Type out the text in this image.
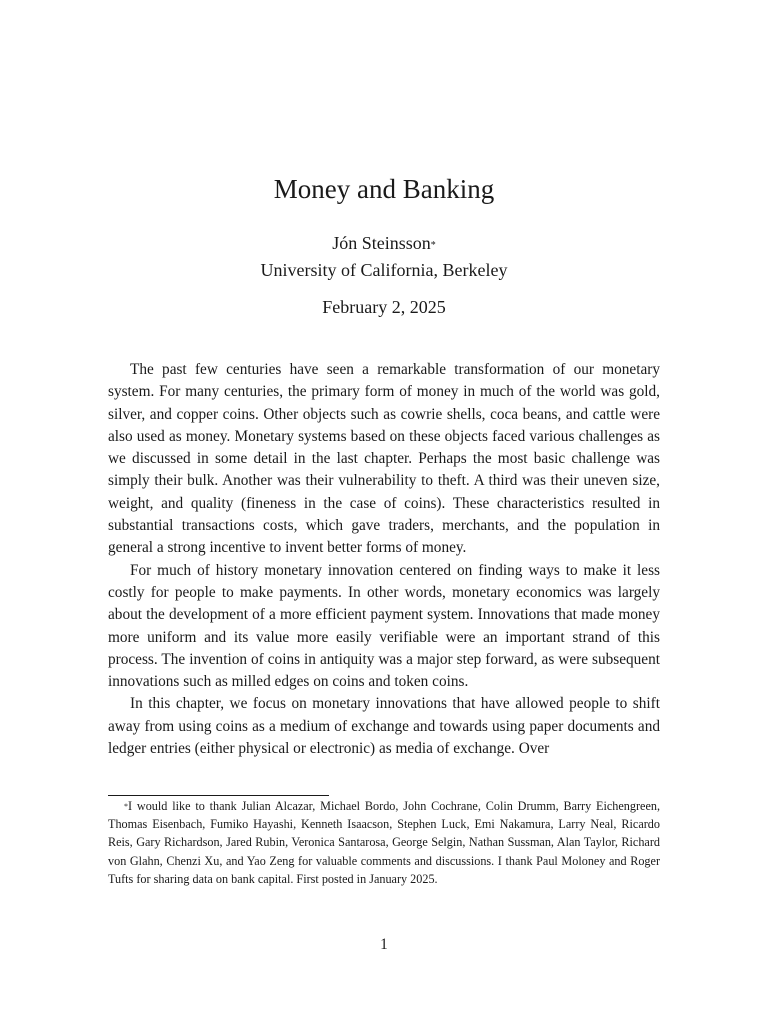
Money and Banking
Jón Steinsson*
University of California, Berkeley
February 2, 2025

The past few centuries have seen a remarkable transformation of our monetary system. For many centuries, the primary form of money in much of the world was gold, silver, and copper coins. Other objects such as cowrie shells, coca beans, and cattle were also used as money. Monetary systems based on these objects faced various challenges as we discussed in some detail in the last chapter. Perhaps the most basic challenge was simply their bulk. Another was their vulnerability to theft. A third was their uneven size, weight, and quality (fineness in the case of coins). These characteristics resulted in substantial transactions costs, which gave traders, merchants, and the population in general a strong incentive to invent better forms of money.

For much of history monetary innovation centered on finding ways to make it less costly for people to make payments. In other words, monetary economics was largely about the development of a more efficient payment system. Innovations that made money more uniform and its value more easily verifiable were an important strand of this process. The invention of coins in antiquity was a major step forward, as were subsequent innovations such as milled edges on coins and token coins.

In this chapter, we focus on monetary innovations that have allowed people to shift away from using coins as a medium of exchange and towards using paper documents and ledger entries (either physical or electronic) as media of exchange. Over

*I would like to thank Julian Alcazar, Michael Bordo, John Cochrane, Colin Drumm, Barry Eichengreen, Thomas Eisenbach, Fumiko Hayashi, Kenneth Isaacson, Stephen Luck, Emi Nakamura, Larry Neal, Ricardo Reis, Gary Richardson, Jared Rubin, Veronica Santarosa, George Selgin, Nathan Sussman, Alan Taylor, Richard von Glahn, Chenzi Xu, and Yao Zeng for valuable comments and discussions. I thank Paul Moloney and Roger Tufts for sharing data on bank capital. First posted in January 2025.
1
